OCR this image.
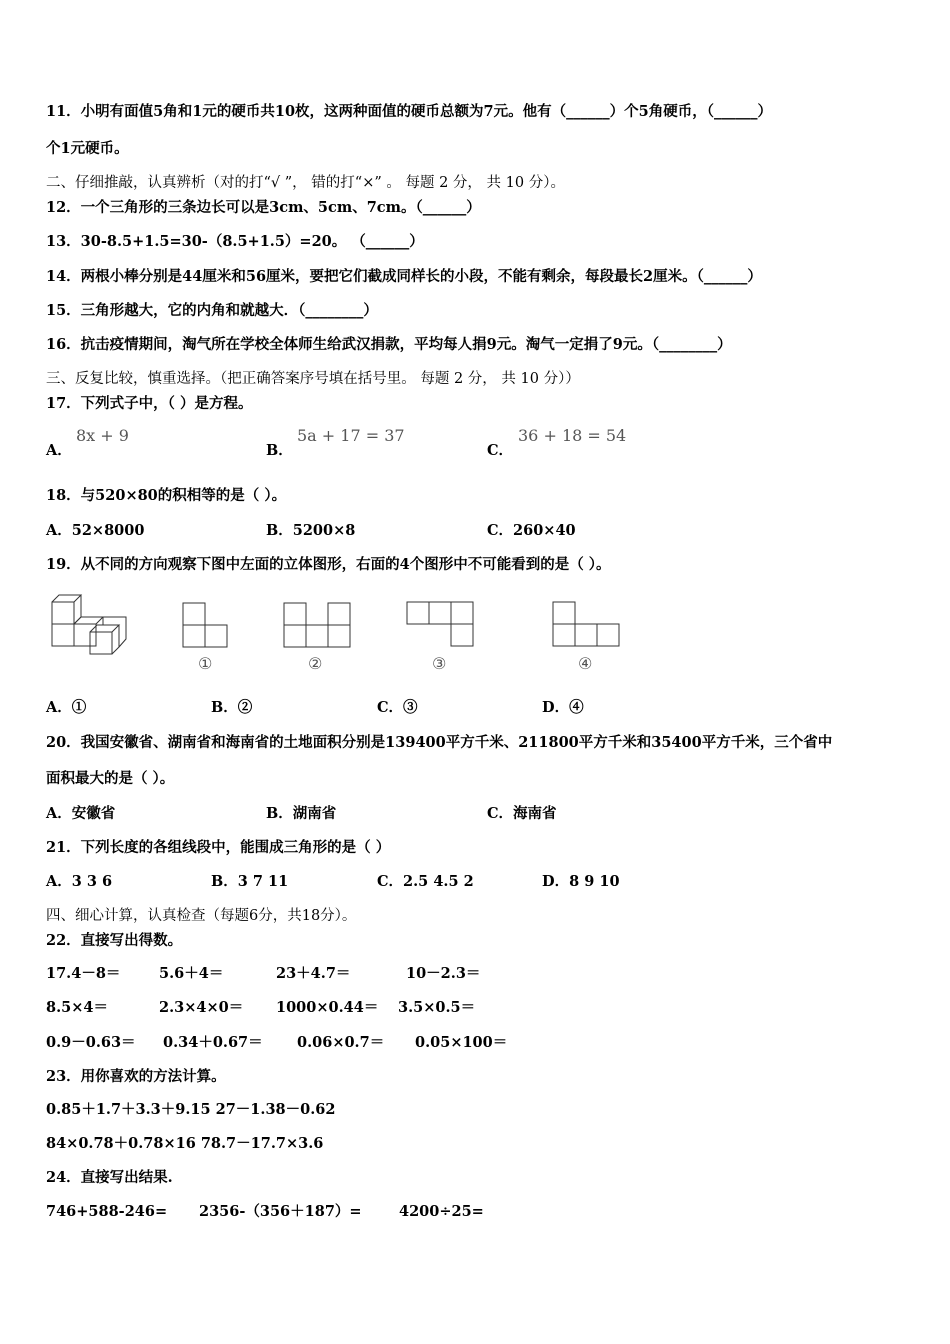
11．小明有面值5角和1元的硬币共10枚，这两种面值的硬币总额为7元。他有（______）个5角硬币，（______）
个1元硬币。
二、仔细推敲，认真辨析（对的打“√ ”， 错的打“×” 。 每题 2 分， 共 10 分）。
12．一个三角形的三条边长可以是3cm、5cm、7cm。（______）
13．30-8.5+1.5=30-（8.5+1.5）=20。 （______）
14．两根小棒分别是44厘米和56厘米，要把它们截成同样长的小段，不能有剩余，每段最长2厘米。（______）
15．三角形越大，它的内角和就越大．（________）
16．抗击疫情期间，淘气所在学校全体师生给武汉捐款，平均每人捐9元。淘气一定捐了9元。（________）
三、反复比较，慎重选择。（把正确答案序号填在括号里。 每题 2 分， 共 10 分））
17．下列式子中，（ ）是方程。
A．
8x + 9
B．
5a + 17 = 37
C．
36 + 18 = 54
18．与520×80的积相等的是（ ）。
A．52×8000	B．5200×8	C．260×40
19．从不同的方向观察下图中左面的立体图形，右面的4个图形中不可能看到的是（ ）。
①	②	③	④
A．①	B．②	C．③	D．④
20．我国安徽省、湖南省和海南省的土地面积分别是139400平方千米、211800平方千米和35400平方千米，三个省中
面积最大的是（ ）。
A．安徽省	B．湖南省	C．海南省
21．下列长度的各组线段中，能围成三角形的是（ ）
A．3 3 6	B．3 7 11	C．2.5 4.5 2	D．8 9 10
四、细心计算，认真检查（每题6分，共18分）。
22．直接写出得数。
17.4－8＝	5.6＋4＝	23＋4.7＝	10－2.3＝
8.5×4＝	2.3×4×0＝ 1000×0.44＝ 3.5×0.5＝
0.9－0.63＝ 0.34＋0.67＝ 0.06×0.7＝ 0.05×100＝
23．用你喜欢的方法计算。
0.85＋1.7＋3.3＋9.15 27－1.38－0.62
84×0.78＋0.78×16 78.7－17.7×3.6
24．直接写出结果.
746+588-246= 2356-（356＋187）=	4200÷25=
